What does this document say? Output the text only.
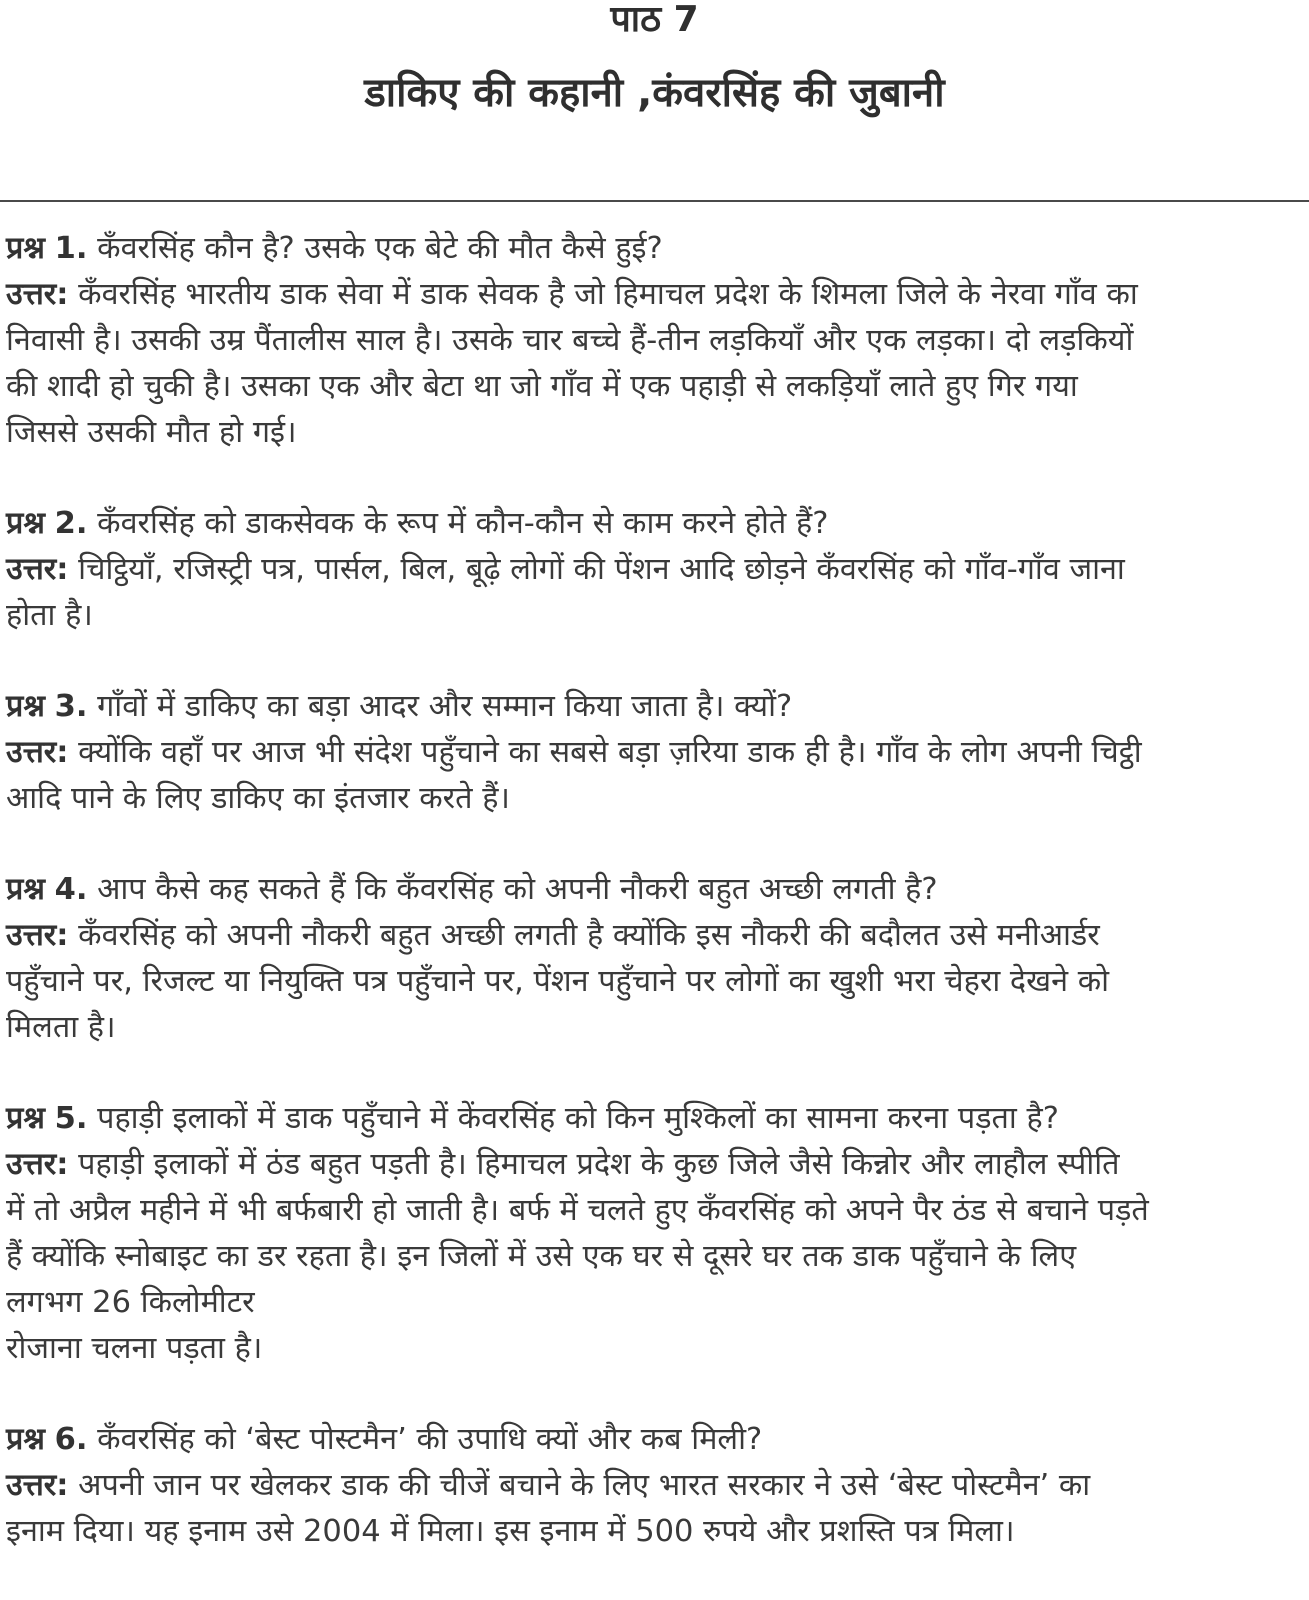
पाठ 7
डाकिए की कहानी ,कंवरसिंह की जुबानी
प्रश्न 1. कँवरसिंह कौन है? उसके एक बेटे की मौत कैसे हुई?
उत्तर: कँवरसिंह भारतीय डाक सेवा में डाक सेवक है जो हिमाचल प्रदेश के शिमला जिले के नेरवा गाँव का
निवासी है। उसकी उम्र पैंतालीस साल है। उसके चार बच्चे हैं-तीन लड़कियाँ और एक लड़का। दो लड़कियों
की शादी हो चुकी है। उसका एक और बेटा था जो गाँव में एक पहाड़ी से लकड़ियाँ लाते हुए गिर गया
जिससे उसकी मौत हो गई।
प्रश्न 2. कँवरसिंह को डाकसेवक के रूप में कौन-कौन से काम करने होते हैं?
उत्तर: चिट्ठियाँ, रजिस्ट्री पत्र, पार्सल, बिल, बूढ़े लोगों की पेंशन आदि छोड़ने कँवरसिंह को गाँव-गाँव जाना
होता है।
प्रश्न 3. गाँवों में डाकिए का बड़ा आदर और सम्मान किया जाता है। क्यों?
उत्तर: क्योंकि वहाँ पर आज भी संदेश पहुँचाने का सबसे बड़ा ज़रिया डाक ही है। गाँव के लोग अपनी चिट्ठी
आदि पाने के लिए डाकिए का इंतजार करते हैं।
प्रश्न 4. आप कैसे कह सकते हैं कि कँवरसिंह को अपनी नौकरी बहुत अच्छी लगती है?
उत्तर: कँवरसिंह को अपनी नौकरी बहुत अच्छी लगती है क्योंकि इस नौकरी की बदौलत उसे मनीआर्डर
पहुँचाने पर, रिजल्ट या नियुक्ति पत्र पहुँचाने पर, पेंशन पहुँचाने पर लोगों का खुशी भरा चेहरा देखने को
मिलता है।
प्रश्न 5. पहाड़ी इलाकों में डाक पहुँचाने में केंवरसिंह को किन मुश्किलों का सामना करना पड़ता है?
उत्तर: पहाड़ी इलाकों में ठंड बहुत पड़ती है। हिमाचल प्रदेश के कुछ जिले जैसे किन्नोर और लाहौल स्पीति
में तो अप्रैल महीने में भी बर्फबारी हो जाती है। बर्फ में चलते हुए कँवरसिंह को अपने पैर ठंड से बचाने पड़ते
हैं क्योंकि स्नोबाइट का डर रहता है। इन जिलों में उसे एक घर से दूसरे घर तक डाक पहुँचाने के लिए
लगभग 26 किलोमीटर
रोजाना चलना पड़ता है।
प्रश्न 6. कँवरसिंह को ‘बेस्ट पोस्टमैन’ की उपाधि क्यों और कब मिली?
उत्तर: अपनी जान पर खेलकर डाक की चीजें बचाने के लिए भारत सरकार ने उसे ‘बेस्ट पोस्टमैन’ का
इनाम दिया। यह इनाम उसे 2004 में मिला। इस इनाम में 500 रुपये और प्रशस्ति पत्र मिला।
